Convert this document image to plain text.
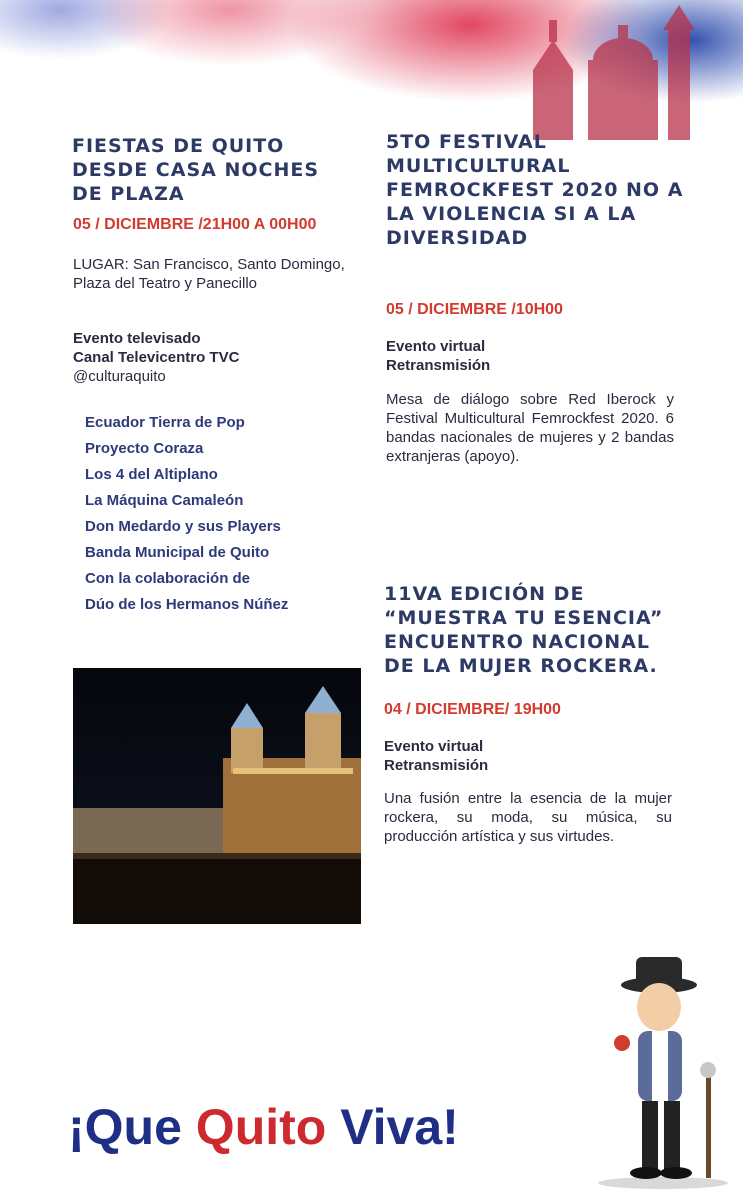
FIESTAS DE QUITO DESDE CASA NOCHES DE PLAZA
05 / DICIEMBRE /21H00 A 00H00
LUGAR: San Francisco, Santo Domingo, Plaza del Teatro y Panecillo
Evento televisado
Canal Televicentro TVC
@culturaquito
Ecuador Tierra de Pop
Proyecto Coraza
Los 4 del Altiplano
La Máquina Camaleón
Don Medardo y sus Players
Banda Municipal de Quito
Con la colaboración de
Dúo de los Hermanos Núñez
5TO FESTIVAL MULTICULTURAL FEMROCKFEST 2020 NO A LA VIOLENCIA SI A LA DIVERSIDAD
05 / DICIEMBRE /10H00
Evento virtual
Retransmisión
Mesa de diálogo sobre Red Iberock y Festival Multicultural Femrockfest 2020. 6 bandas nacionales de mujeres y 2 bandas extranjeras (apoyo).
11VA EDICIÓN DE “MUESTRA TU ESENCIA” ENCUENTRO NACIONAL DE LA MUJER ROCKERA.
04 / DICIEMBRE/ 19H00
Evento virtual
Retransmisión
Una fusión entre la esencia de la mujer rockera, su moda, su música, su producción artística y sus virtudes.
¡Que Quito Viva!
